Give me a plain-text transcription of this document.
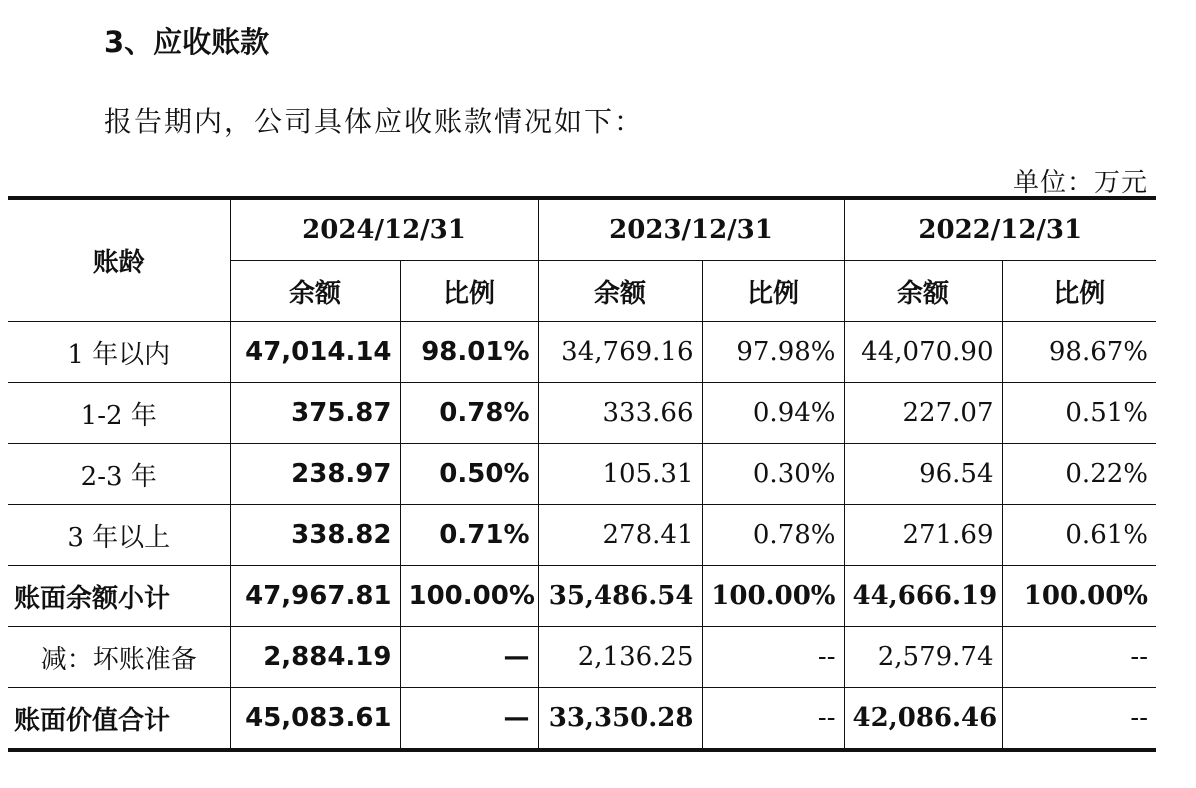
3、应收账款
报告期内，公司具体应收账款情况如下：
单位：万元
账龄	2024/12/31		2023/12/31		2022/12/31	
	余额	比例	余额	比例	余额	比例
1 年以内	47,014.14	98.01%	34,769.16	97.98%	44,070.90	98.67%
1-2 年	375.87	0.78%	333.66	0.94%	227.07	0.51%
2-3 年	238.97	0.50%	105.31	0.30%	96.54	0.22%
3 年以上	338.82	0.71%	278.41	0.78%	271.69	0.61%
账面余额小计	47,967.81	100.00%	35,486.54	100.00%	44,666.19	100.00%
减：坏账准备	2,884.19	—	2,136.25	--	2,579.74	--
账面价值合计	45,083.61	—	33,350.28	--	42,086.46	--
